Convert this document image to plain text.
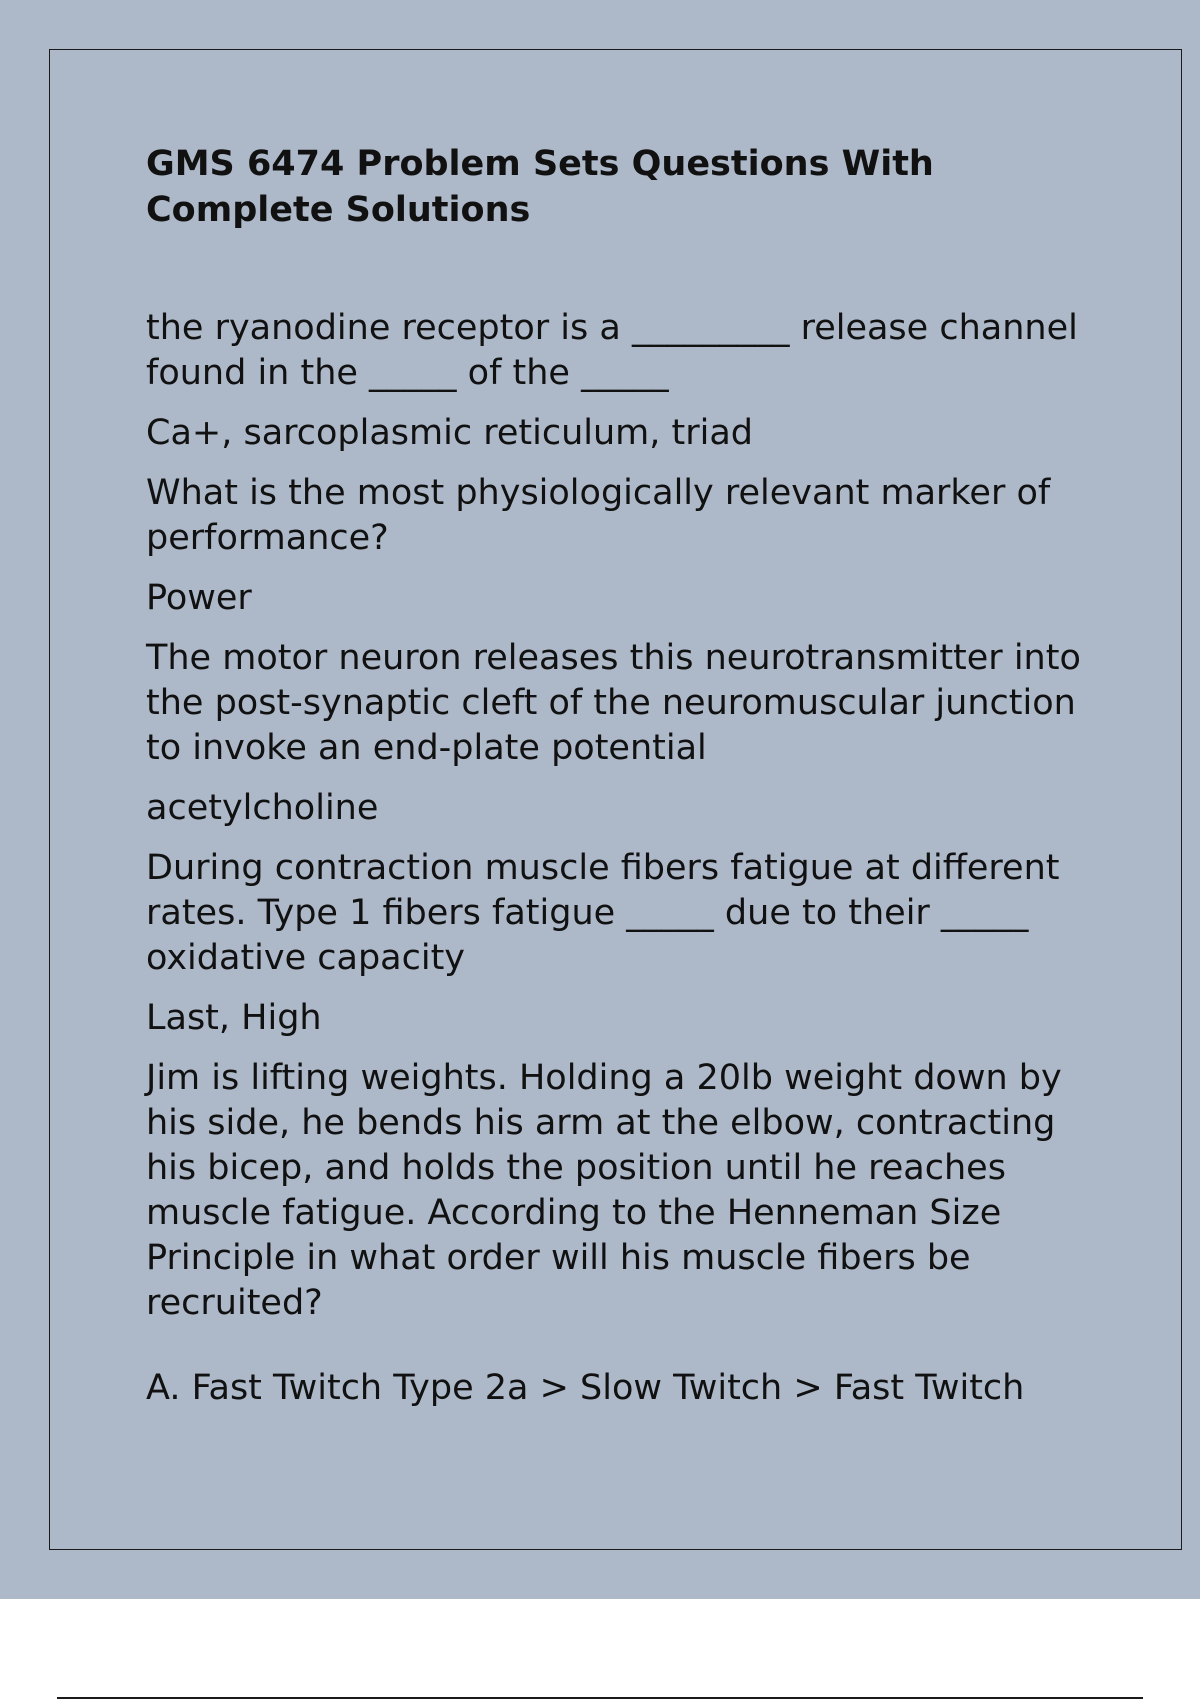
GMS 6474 Problem Sets Questions With Complete Solutions

the ryanodine receptor is a _________ release channel found in the _____ of the _____

Ca+, sarcoplasmic reticulum, triad

What is the most physiologically relevant marker of performance?

Power

The motor neuron releases this neurotransmitter into the post-synaptic cleft of the neuromuscular junction to invoke an end-plate potential

acetylcholine

During contraction muscle fibers fatigue at different rates. Type 1 fibers fatigue _____ due to their _____ oxidative capacity

Last, High

Jim is lifting weights. Holding a 20lb weight down by his side, he bends his arm at the elbow, contracting his bicep, and holds the position until he reaches muscle fatigue. According to the Henneman Size Principle in what order will his muscle fibers be recruited?

A. Fast Twitch Type 2a > Slow Twitch > Fast Twitch
